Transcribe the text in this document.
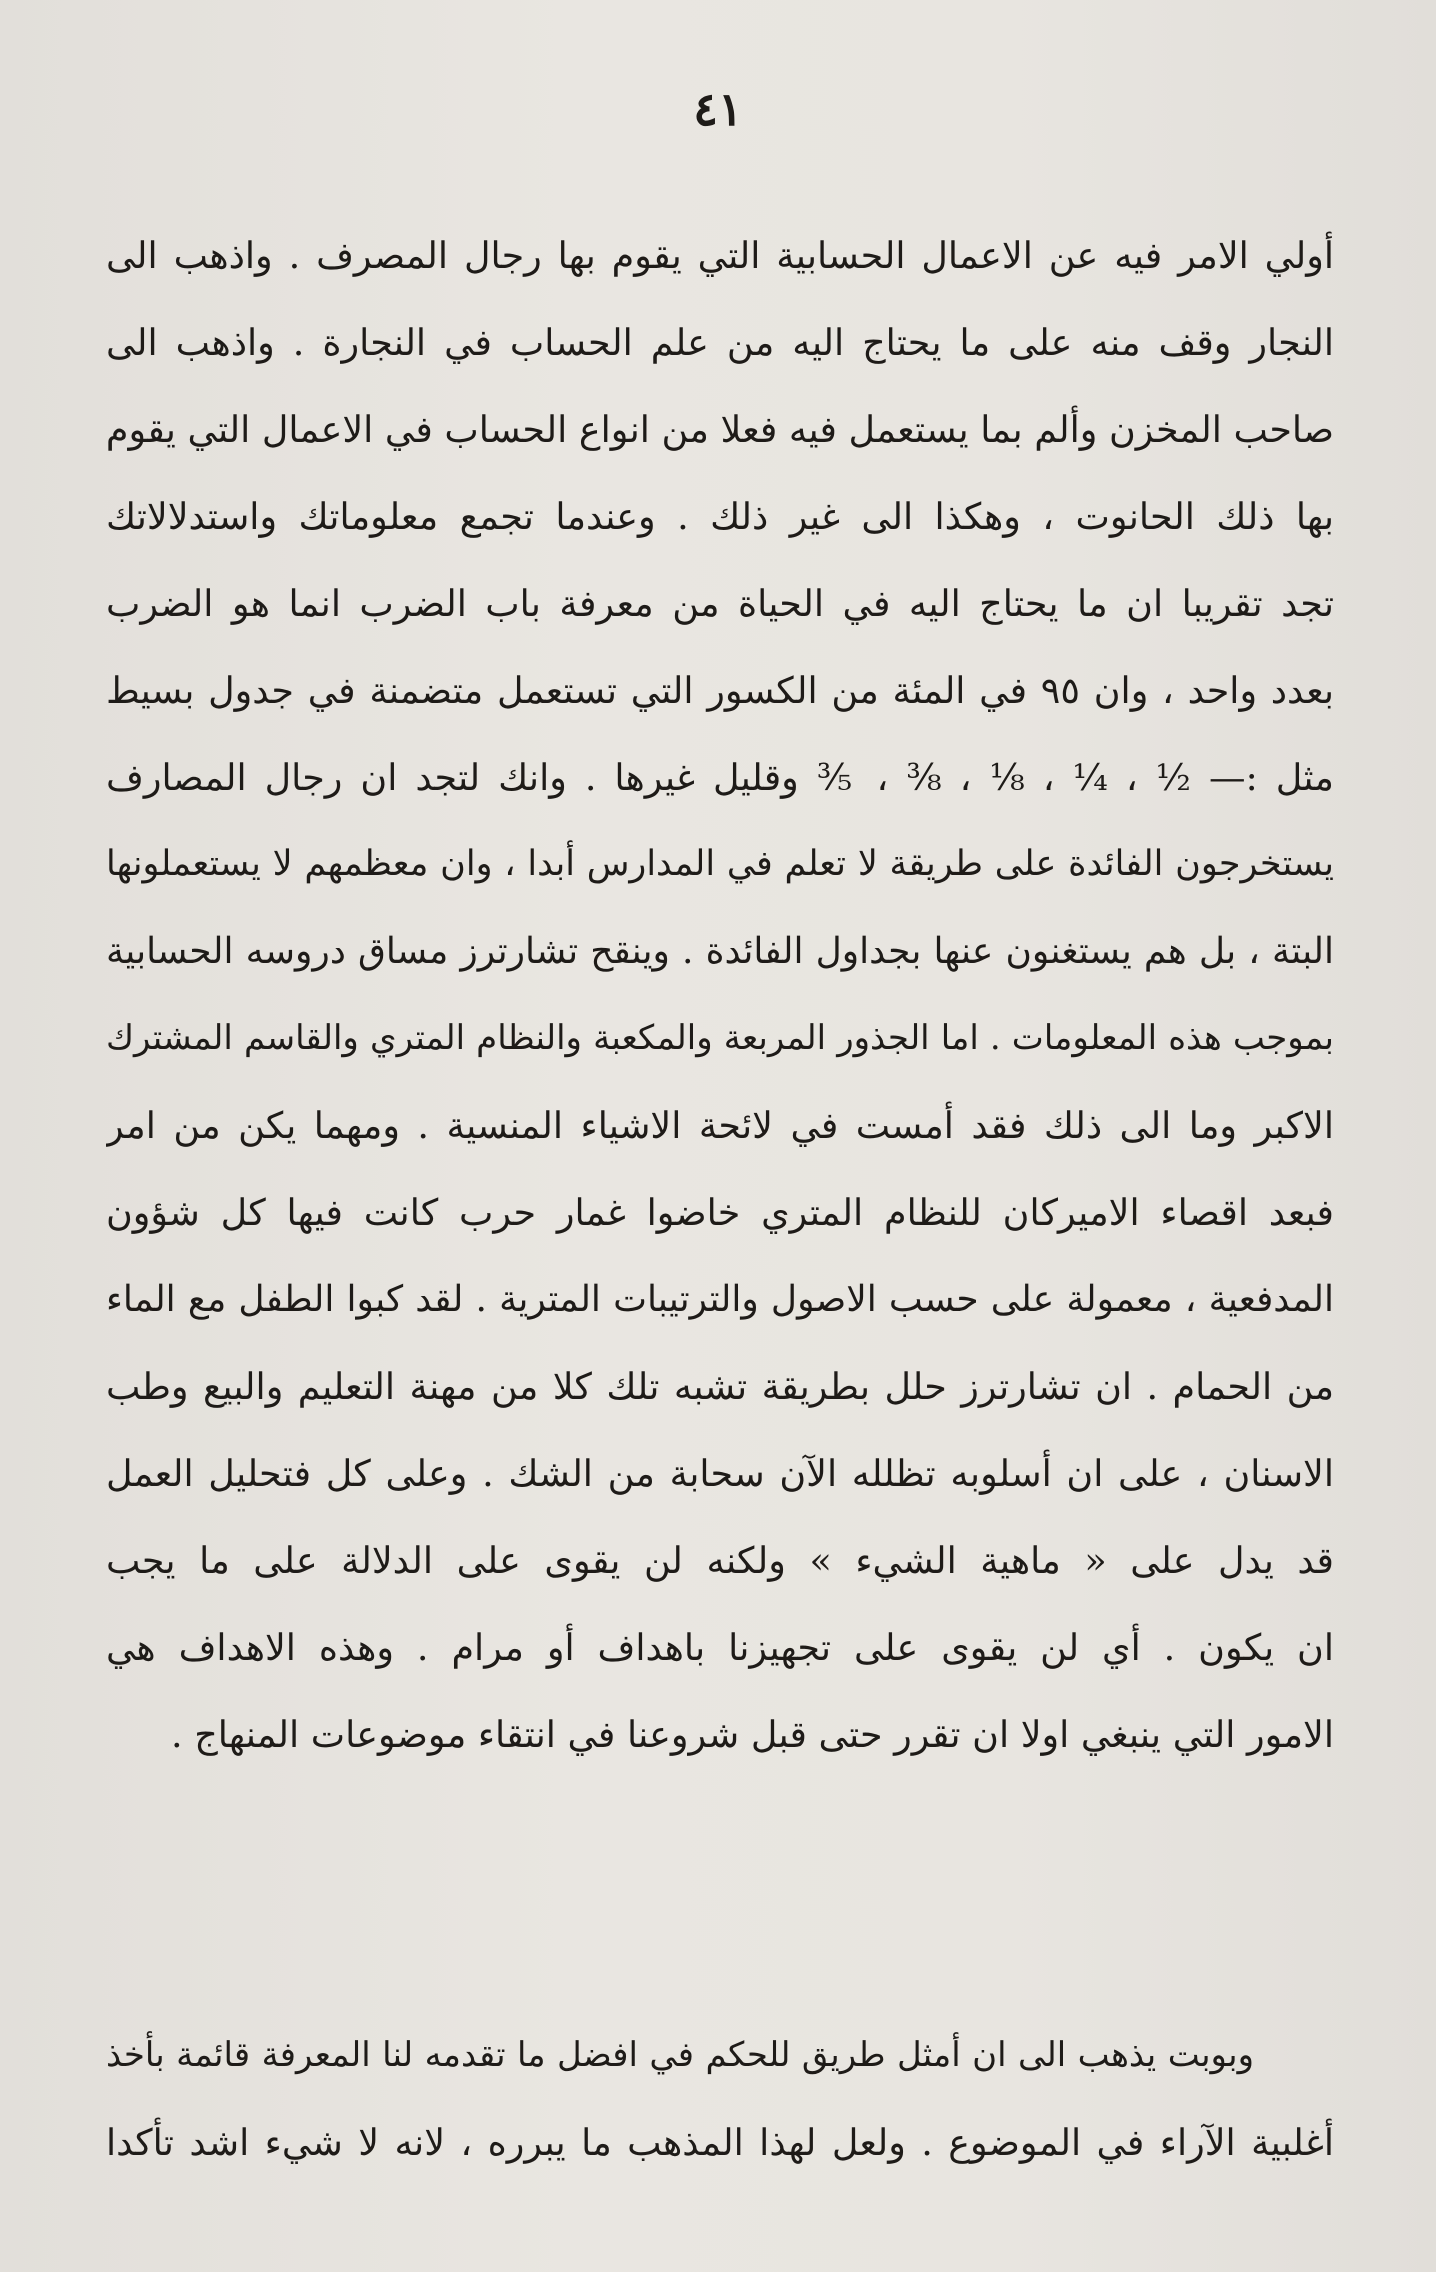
٤١
أولي الامر فيه عن الاعمال الحسابية التي يقوم بها رجال المصرف . واذهب الى
النجار وقف منه على ما يحتاج اليه من علم الحساب في النجارة . واذهب الى
صاحب المخزن وألم بما يستعمل فيه فعلا من انواع الحساب في الاعمال التي يقوم
بها ذلك الحانوت ، وهكذا الى غير ذلك . وعندما تجمع معلوماتك واستدلالاتك
تجد تقريبا ان ما يحتاج اليه في الحياة من معرفة باب الضرب انما هو الضرب
بعدد واحد ، وان ٩٥ في المئة من الكسور التي تستعمل متضمنة في جدول بسيط
مثل :— ½ ، ¼ ، ⅛ ، ⅜ ، ⅗ وقليل غيرها . وانك لتجد ان رجال المصارف
يستخرجون الفائدة على طريقة لا تعلم في المدارس أبدا ، وان معظمهم لا يستعملونها
البتة ، بل هم يستغنون عنها بجداول الفائدة . وينقح تشارترز مساق دروسه الحسابية
بموجب هذه المعلومات . اما الجذور المربعة والمكعبة والنظام المتري والقاسم المشترك
الاكبر وما الى ذلك فقد أمست في لائحة الاشياء المنسية . ومهما يكن من امر
فبعد اقصاء الاميركان للنظام المتري خاضوا غمار حرب كانت فيها كل شؤون
المدفعية ، معمولة على حسب الاصول والترتيبات المترية . لقد كبوا الطفل مع الماء
من الحمام . ان تشارترز حلل بطريقة تشبه تلك كلا من مهنة التعليم والبيع وطب
الاسنان ، على ان أسلوبه تظلله الآن سحابة من الشك . وعلى كل فتحليل العمل
قد يدل على « ماهية الشيء » ولكنه لن يقوى على الدلالة على ما يجب
ان يكون . أي لن يقوى على تجهيزنا باهداف أو مرام . وهذه الاهداف هي
الامور التي ينبغي اولا ان تقرر حتى قبل شروعنا في انتقاء موضوعات المنهاج .
وبوبت يذهب الى ان أمثل طريق للحكم في افضل ما تقدمه لنا المعرفة قائمة بأخذ
أغلبية الآراء في الموضوع . ولعل لهذا المذهب ما يبرره ، لانه لا شيء اشد تأكدا
